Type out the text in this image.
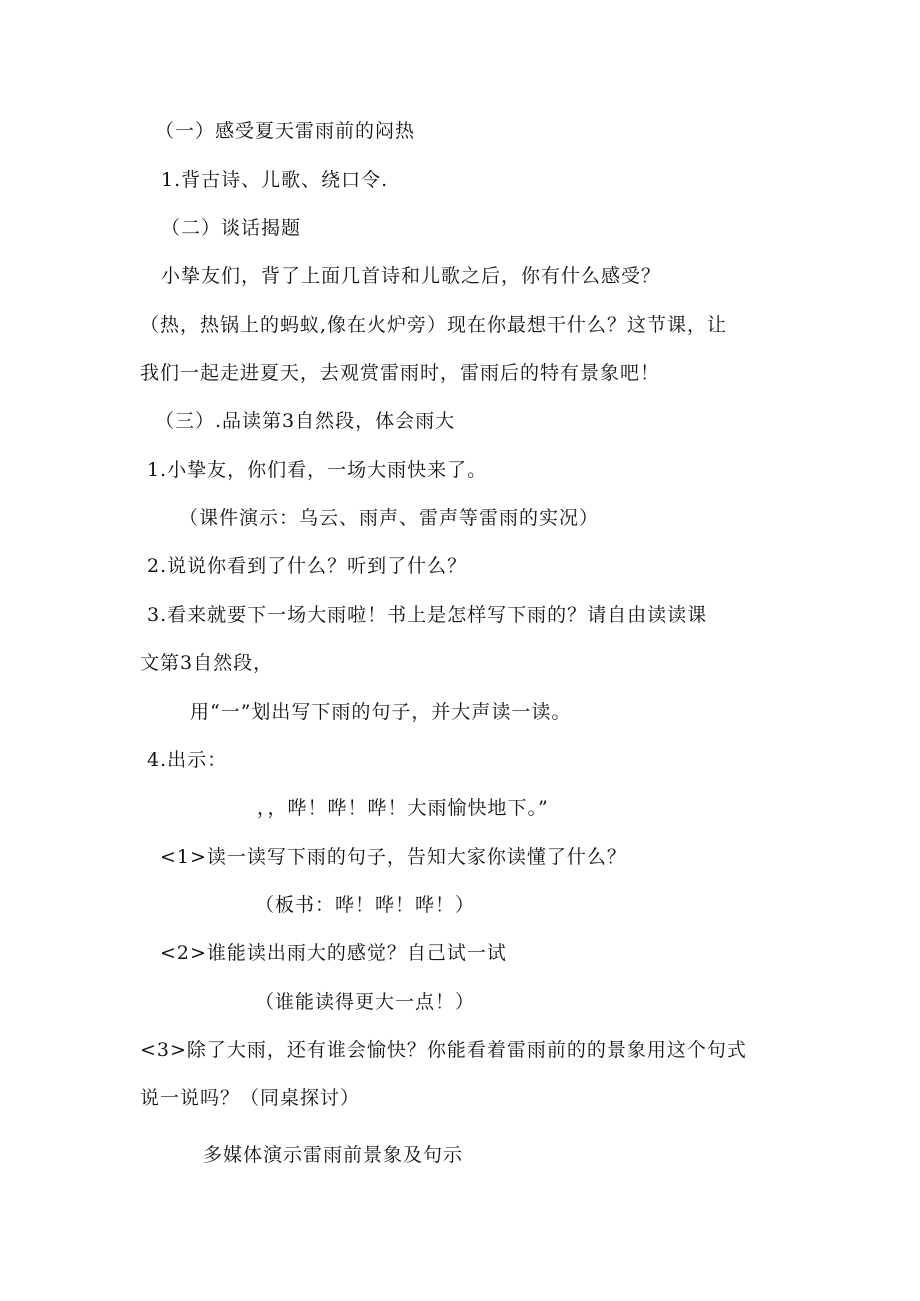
（一）感受夏天雷雨前的闷热
1.背古诗、儿歌、绕口令.
（二）谈话揭题
小挚友们，背了上面几首诗和儿歌之后，你有什么感受？
（热，热锅上的蚂蚁,像在火炉旁）现在你最想干什么？这节课，让
我们一起走进夏天，去观赏雷雨时，雷雨后的特有景象吧！
（三）.品读第3自然段，体会雨大
1.小挚友，你们看，一场大雨快来了。
（课件演示：乌云、雨声、雷声等雷雨的实况）
2.说说你看到了什么？听到了什么？
3.看来就要下一场大雨啦！书上是怎样写下雨的？请自由读读课
文第3自然段，
用“一”划出写下雨的句子，并大声读一读。
4.出示：
，，哗！哗！哗！大雨愉快地下。”
<1>读一读写下雨的句子，告知大家你读懂了什么？
（板书：哗！哗！哗！）
<2>谁能读出雨大的感觉？自己试一试
（谁能读得更大一点！）
<3>除了大雨，还有谁会愉快？你能看着雷雨前的的景象用这个句式
说一说吗？（同桌探讨）
多媒体演示雷雨前景象及句示
